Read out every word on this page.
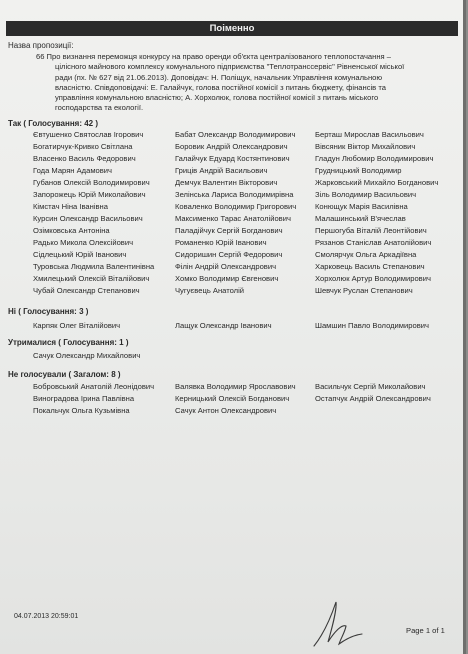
Поіменно
Назва пропозиції:

66 Про визнання переможця конкурсу на право оренди об'єкта централізованого теплопостачання –

цілісного майнового комплексу комунального підприємства "Теплотранссервіс" Рівненської міської

ради (пх. № 627 від 21.06.2013). Доповідач: Н. Поліщук, начальник Управління комунальною

власністю. Співдоповідачі: Е. Галайчук, голова постійної комісії з питань бюджету, фінансів та

управління комунальною власністю; А. Хорхолюк, голова постійної комісії з питань міського

господарства та екології.

Так ( Голосування: 42 )
Євтушенко Святослав Ігорович
Богатирчук-Кривко Світлана
Власенко Василь Федорович
Года Марян Адамович
Губанов Олексій Володимирович
Запорожець Юрій Миколайович
Кімстач Ніна Іванівна
Курсин Олександр Васильович
Озімковська Антоніна
Радько Микола Олексійович
Сідлецький Юрій Іванович
Туровська Людмила Валентинівна
Хмилецький Олексій Віталійович
Чубай Олександр Степанович
Бабат Олександр Володимирович
Боровик Андрій Олександрович
Галайчук Едуард Костянтинович
Гриців Андрій Васильович
Демчук Валентин Вікторович
Зелінська Лариса Володимирівна
Коваленко Володимир Григорович
Максименко Тарас Анатолійович
Паладійчук Сергій Богданович
Романенко Юрій Іванович
Сидоришин Сергій Федорович
Філін Андрій Олександрович
Хомко Володимир Євгенович
Чугуєвець Анатолій
Берташ Мирослав Васильович
Вівсяник Віктор Михайлович
Гладун Любомир Володимирович
Грудницький Володимир
Жарковський Михайло Богданович
Зіль Володимир Васильович
Конющук Марія Василівна
Малашинський В'ячеслав
Першогуба Віталій Леонтійович
Рязанов Станіслав Анатолійович
Смолярчук Ольга Аркадіївна
Харковець Василь Степанович
Хорхолюк Артур Володимирович
Шевчук Руслан Степанович
Ні ( Голосування: 3 )
Карпяк Олег Віталійович	Лащук Олександр Іванович	Шамшин Павло Володимирович
Утрималися ( Голосування: 1 )
Сачук Олександр Михайлович
Не голосували ( Загалом: 8 )
Бобровський Анатолій Леонідович
Виноградова Ірина Павлівна
Покальчук Ольга Кузьмівна
Валявка Володимир Ярославович
Керницький Олексій Богданович
Сачук Антон Олександрович
Васильчук Сергій Миколайович
Остапчук Андрій Олександрович
04.07.2013 20:59:01
Page 1 of 1
